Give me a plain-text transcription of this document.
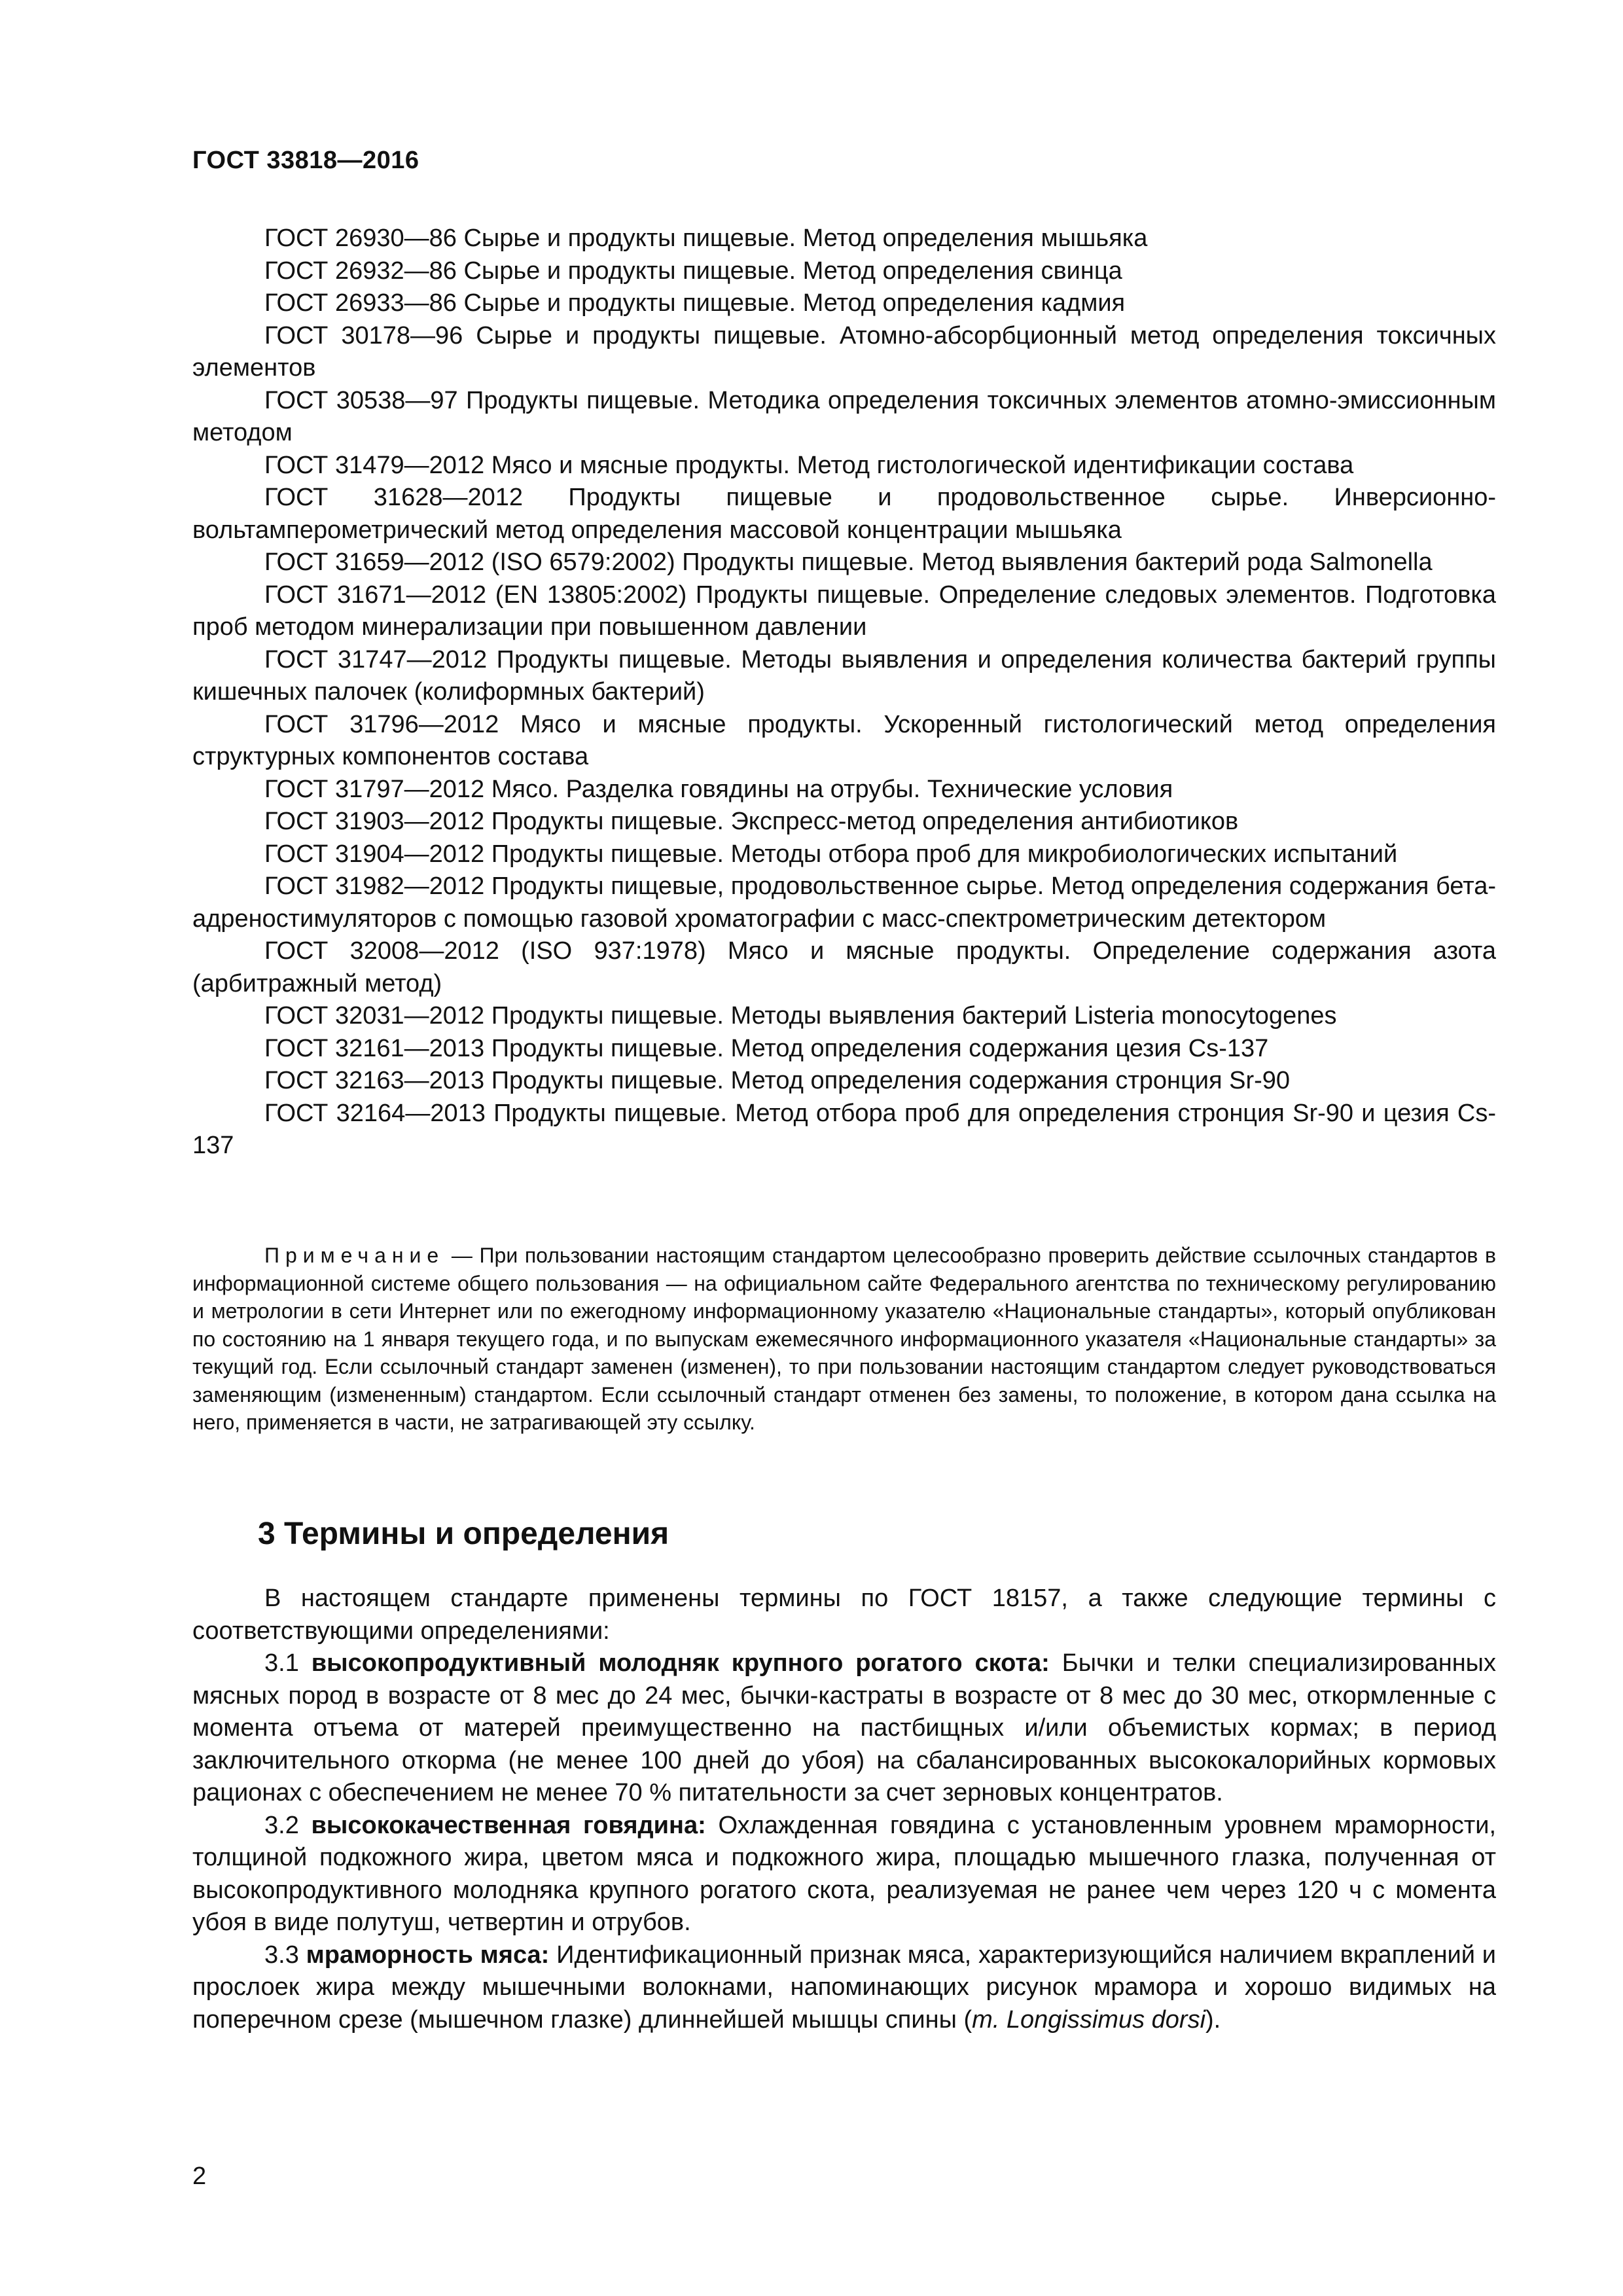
ГОСТ 33818—2016

ГОСТ 26930—86 Сырье и продукты пищевые. Метод определения мышьяка

ГОСТ 26932—86 Сырье и продукты пищевые. Метод определения свинца

ГОСТ 26933—86 Сырье и продукты пищевые. Метод определения кадмия

ГОСТ 30178—96 Сырье и продукты пищевые. Атомно-абсорбционный метод определения токсичных элементов

ГОСТ 30538—97 Продукты пищевые. Методика определения токсичных элементов атомно-эмиссионным методом

ГОСТ 31479—2012 Мясо и мясные продукты. Метод гистологической идентификации состава

ГОСТ 31628—2012 Продукты пищевые и продовольственное сырье. Инверсионно-вольтамперометрический метод определения массовой концентрации мышьяка

ГОСТ 31659—2012 (ISO 6579:2002) Продукты пищевые. Метод выявления бактерий рода Salmonella

ГОСТ 31671—2012 (EN 13805:2002) Продукты пищевые. Определение следовых элементов. Подготовка проб методом минерализации при повышенном давлении

ГОСТ 31747—2012 Продукты пищевые. Методы выявления и определения количества бактерий группы кишечных палочек (колиформных бактерий)

ГОСТ 31796—2012 Мясо и мясные продукты. Ускоренный гистологический метод определения структурных компонентов состава

ГОСТ 31797—2012 Мясо. Разделка говядины на отрубы. Технические условия

ГОСТ 31903—2012 Продукты пищевые. Экспресс-метод определения антибиотиков

ГОСТ 31904—2012 Продукты пищевые. Методы отбора проб для микробиологических испытаний

ГОСТ 31982—2012 Продукты пищевые, продовольственное сырье. Метод определения содержания бета-адреностимуляторов с помощью газовой хроматографии с масс-спектрометрическим детектором

ГОСТ 32008—2012 (ISO 937:1978) Мясо и мясные продукты. Определение содержания азота (арбитражный метод)

ГОСТ 32031—2012 Продукты пищевые. Методы выявления бактерий Listeria monocytogenes

ГОСТ 32161—2013 Продукты пищевые. Метод определения содержания цезия Cs-137

ГОСТ 32163—2013 Продукты пищевые. Метод определения содержания стронция Sr-90

ГОСТ 32164—2013 Продукты пищевые. Метод отбора проб для определения стронция Sr-90 и цезия Cs-137

Примечание — При пользовании настоящим стандартом целесообразно проверить действие ссылочных стандартов в информационной системе общего пользования — на официальном сайте Федерального агентства по техническому регулированию и метрологии в сети Интернет или по ежегодному информационному указателю «Национальные стандарты», который опубликован по состоянию на 1 января текущего года, и по выпускам ежемесячного информационного указателя «Национальные стандарты» за текущий год. Если ссылочный стандарт заменен (изменен), то при пользовании настоящим стандартом следует руководствоваться заменяющим (измененным) стандартом. Если ссылочный стандарт отменен без замены, то положение, в котором дана ссылка на него, применяется в части, не затрагивающей эту ссылку.

3 Термины и определения

В настоящем стандарте применены термины по ГОСТ 18157, а также следующие термины с соответствующими определениями:

3.1 высокопродуктивный молодняк крупного рогатого скота: Бычки и телки специализированных мясных пород в возрасте от 8 мес до 24 мес, бычки-кастраты в возрасте от 8 мес до 30 мес, откормленные с момента отъема от матерей преимущественно на пастбищных и/или объемистых кормах; в период заключительного откорма (не менее 100 дней до убоя) на сбалансированных высококалорийных кормовых рационах с обеспечением не менее 70 % питательности за счет зерновых концентратов.

3.2 высококачественная говядина: Охлажденная говядина с установленным уровнем мраморности, толщиной подкожного жира, цветом мяса и подкожного жира, площадью мышечного глазка, полученная от высокопродуктивного молодняка крупного рогатого скота, реализуемая не ранее чем через 120 ч с момента убоя в виде полутуш, четвертин и отрубов.

3.3 мраморность мяса: Идентификационный признак мяса, характеризующийся наличием вкраплений и прослоек жира между мышечными волокнами, напоминающих рисунок мрамора и хорошо видимых на поперечном срезе (мышечном глазке) длиннейшей мышцы спины (m. Longissimus dorsi).

2
